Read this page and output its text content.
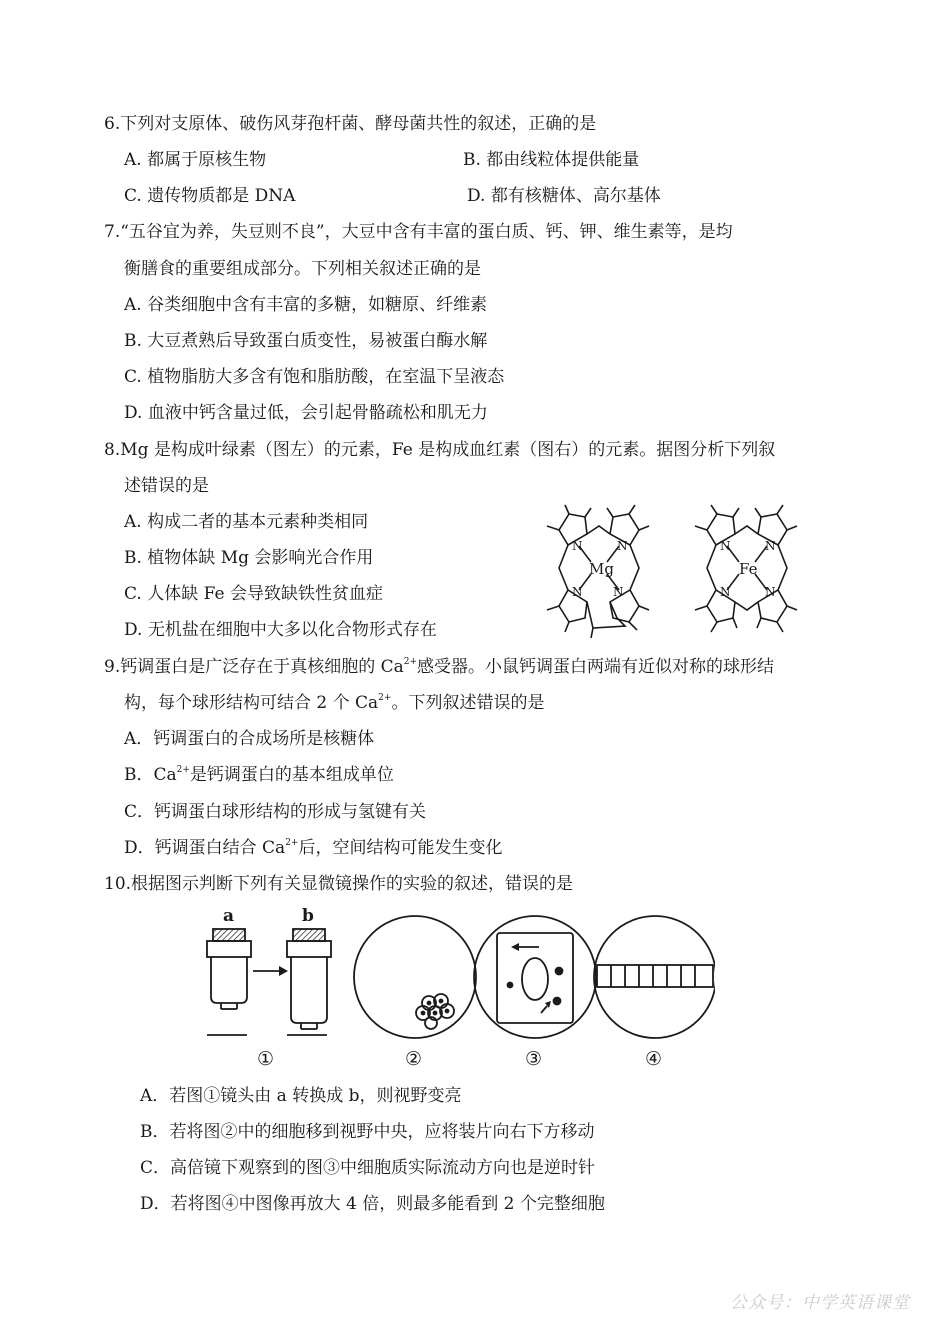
6.下列对支原体、破伤风芽孢杆菌、酵母菌共性的叙述，正确的是
A. 都属于原核生物	B. 都由线粒体提供能量
C. 遗传物质都是 DNA	D. 都有核糖体、高尔基体
7.“五谷宜为养，失豆则不良”，大豆中含有丰富的蛋白质、钙、钾、维生素等，是均
衡膳食的重要组成部分。下列相关叙述正确的是
A. 谷类细胞中含有丰富的多糖，如糖原、纤维素
B. 大豆煮熟后导致蛋白质变性，易被蛋白酶水解
C. 植物脂肪大多含有饱和脂肪酸，在室温下呈液态
D. 血液中钙含量过低，会引起骨骼疏松和肌无力
8.Mg 是构成叶绿素（图左）的元素，Fe 是构成血红素（图右）的元素。据图分析下列叙
述错误的是
A. 构成二者的基本元素种类相同
B. 植物体缺 Mg 会影响光合作用
C. 人体缺 Fe 会导致缺铁性贫血症
D. 无机盐在细胞中大多以化合物形式存在
N	N
N	N
Mg
N	N
N	N
Fe
9.钙调蛋白是广泛存在于真核细胞的 $Ca^{2+}$感受器。小鼠钙调蛋白两端有近似对称的球形结
构，每个球形结构可结合 2 个 $Ca^{2+}$。下列叙述错误的是
A．钙调蛋白的合成场所是核糖体
B．$Ca^{2+}$是钙调蛋白的基本组成单位
C．钙调蛋白球形结构的形成与氢键有关
D．钙调蛋白结合 $Ca^{2+}$后，空间结构可能发生变化
10.根据图示判断下列有关显微镜操作的实验的叙述，错误的是
a	b
①	②	③	④
A．若图①镜头由 a 转换成 b，则视野变亮
B．若将图②中的细胞移到视野中央，应将装片向右下方移动
C．高倍镜下观察到的图③中细胞质实际流动方向也是逆时针
D．若将图④中图像再放大 4 倍，则最多能看到 2 个完整细胞
公众号：中学英语课堂
